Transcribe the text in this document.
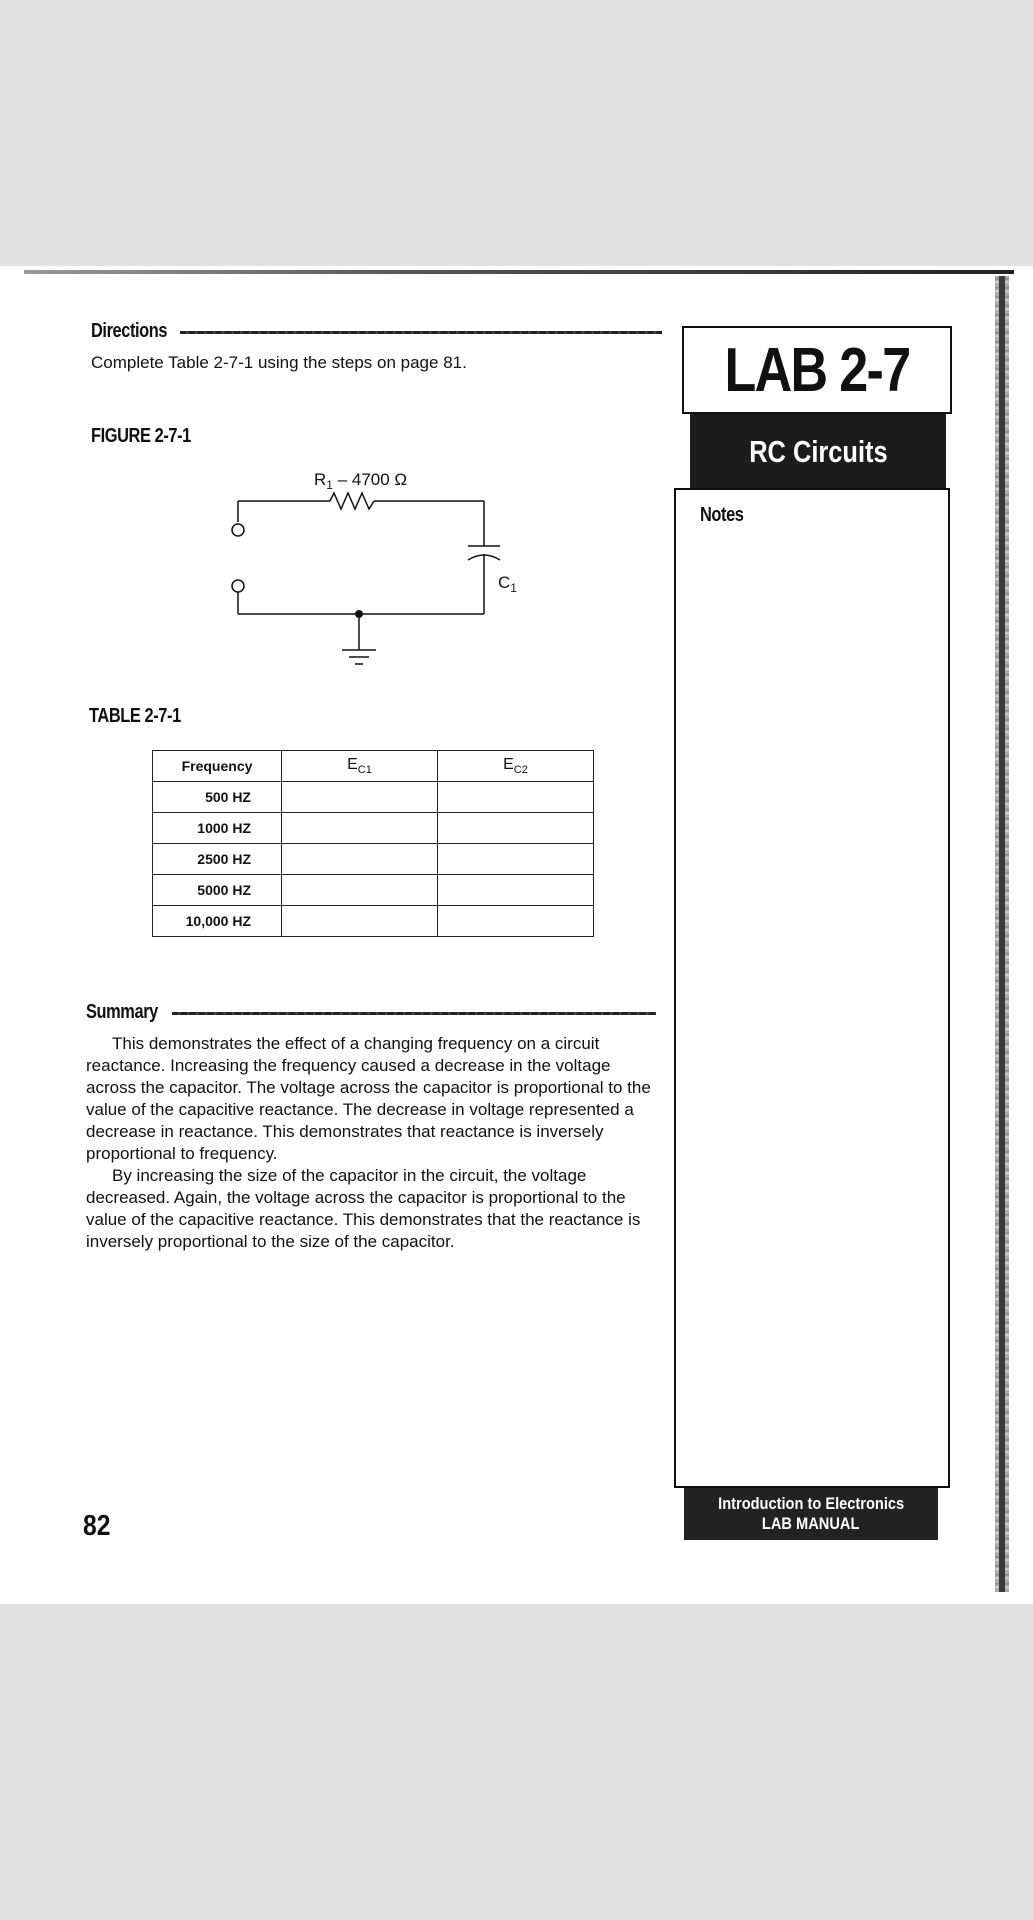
Directions
Complete Table 2-7-1 using the steps on page 81.
FIGURE 2-7-1
$R_1 - 4700$ Ω
$C_1$
TABLE 2-7-1
Frequency	$E_{C1}$	$E_{C2}$
500 HZ		
1000 HZ		
2500 HZ		
5000 HZ		
10,000 HZ		
Summary

This demonstrates the effect of a changing frequency on a circuit reactance. Increasing the frequency caused a decrease in the voltage across the capacitor. The voltage across the capacitor is proportional to the value of the capacitive reactance. The decrease in voltage represented a decrease in reactance. This demonstrates that reactance is inversely proportional to frequency.

By increasing the size of the capacitor in the circuit, the voltage decreased. Again, the voltage across the capacitor is proportional to the value of the capacitive reactance. This demonstrates that the reactance is inversely proportional to the size of the capacitor.

LAB 2-7
RC Circuits
Notes
Introduction to Electronics
LAB MANUAL
82
